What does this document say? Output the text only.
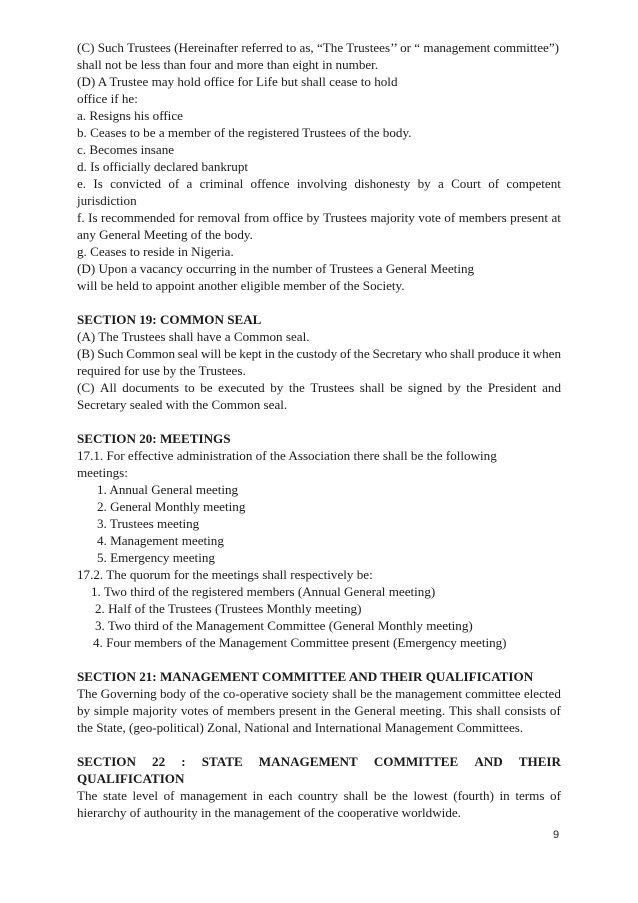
(C) Such Trustees (Hereinafter referred to as, “The Trustees’’ or “ management committee”)
shall not be less than four and more than eight in number.
(D) A Trustee may hold office for Life but shall cease to hold
office if he:
a. Resigns his office
b. Ceases to be a member of the registered Trustees of the body.
c. Becomes insane
d. Is officially declared bankrupt
e. Is convicted of a criminal offence involving dishonesty by a Court of competent
jurisdiction
f. Is recommended for removal from office by Trustees majority vote of members present at
any General Meeting of the body.
g. Ceases to reside in Nigeria.
(D) Upon a vacancy occurring in the number of Trustees a General Meeting
will be held to appoint another eligible member of the Society.
SECTION 19: COMMON SEAL
(A) The Trustees shall have a Common seal.
(B) Such Common seal will be kept in the custody of the Secretary who shall produce it when
required for use by the Trustees.
(C) All documents to be executed by the Trustees shall be signed by the President and
Secretary sealed with the Common seal.
SECTION 20: MEETINGS
17.1. For effective administration of the Association there shall be the following
meetings:
1. Annual General meeting
2. General Monthly meeting
3. Trustees meeting
4. Management meeting
5. Emergency meeting
17.2. The quorum for the meetings shall respectively be:
1. Two third of the registered members (Annual General meeting)
2. Half of the Trustees (Trustees Monthly meeting)
3. Two third of the Management Committee (General Monthly meeting)
4. Four members of the Management Committee present (Emergency meeting)
SECTION 21: MANAGEMENT COMMITTEE AND THEIR QUALIFICATION
The Governing body of the co-operative society shall be the management committee elected
by simple majority votes of members present in the General meeting. This shall consists of
the State, (geo-political) Zonal, National and International Management Committees.
SECTION 22 : STATE MANAGEMENT COMMITTEE AND THEIR
QUALIFICATION
The state level of management in each country shall be the lowest (fourth) in terms of
hierarchy of authourity in the management of the cooperative worldwide.
9
